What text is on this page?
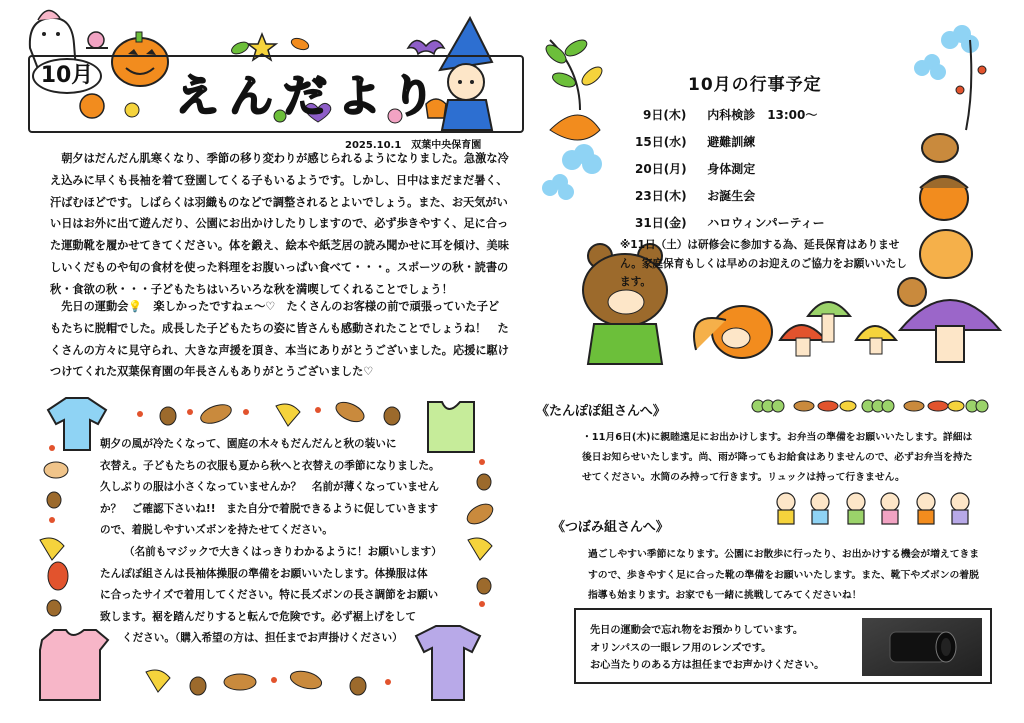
10月 えんだより
2025.10.1　双葉中央保育園
朝夕はだんだん肌寒くなり、季節の移り変わりが感じられるようになりました。急激な冷え込みに早くも長袖を着て登園してくる子もいるようです。しかし、日中はまだまだ暑く、汗ばむほどです。しばらくは羽織ものなどで調整されるとよいでしょう。また、お天気がいい日はお外に出て遊んだり、公園にお出かけしたりしますので、必ず歩きやすく、足に合った運動靴を履かせてきてください。体を鍛え、絵本や紙芝居の読み聞かせに耳を傾け、美味しいくだものや旬の食材を使った料理をお腹いっぱい食べて・・・。スポーツの秋・読書の秋・食欲の秋・・・子どもたちはいろいろな秋を満喫してくれることでしょう！
先日の運動会💡　楽しかったですねェ～♡　たくさんのお客様の前で頑張っていた子どもたちに脱帽でした。成長した子どもたちの姿に皆さんも感動されたことでしょうね！　たくさんの方々に見守られ、大きな声援を頂き、本当にありがとうございました。応援に駆けつけてくれた双葉保育園の年長さんもありがとうございました♡
朝夕の風が冷たくなって、園庭の木々もだんだんと秋の装いに
衣替え。子どもたちの衣服も夏から秋へと衣替えの季節になりました。
久しぶりの服は小さくなっていませんか？　名前が薄くなっていません
か？　ご確認下さいね!!　また自分で着脱できるように促していきます
ので、着脱しやすいズボンを持たせてください。
（名前もマジックで大きくはっきりわかるように！お願いします）
たんぽぽ組さんは長袖体操服の準備をお願いいたします。体操服は体
に合ったサイズで着用してください。特に長ズボンの長さ調節をお願い
致します。裾を踏んだりすると転んで危険です。必ず裾上げをして
ください。（購入希望の方は、担任までお声掛けください）
10月の行事予定
9日(木) 内科検診　13:00～
15日(水) 避難訓練
20日(月) 身体測定
23日(木) お誕生会
31日(金) ハロウィンパーティー
※11日（土）は研修会に参加する為、延長保育はありません。家庭保育もしくは早めのお迎えのご協力をお願いいたします。
《たんぽぽ組さんへ》
・11月6日(木)に親睦遠足にお出かけします。お弁当の準備をお願いいたします。詳細は後日お知らせいたします。尚、雨が降ってもお給食はありませんので、必ずお弁当を持たせてください。水筒のみ持って行きます。リュックは持って行きません。
《つぼみ組さんへ》
過ごしやすい季節になります。公園にお散歩に行ったり、お出かけする機会が増えてきますので、歩きやすく足に合った靴の準備をお願いいたします。また、靴下やズボンの着脱指導も始まります。お家でも一緒に挑戦してみてくださいね！
先日の運動会で忘れ物をお預かりしています。
オリンパスの一眼レフ用のレンズです。
お心当たりのある方は担任までお声かけください。
